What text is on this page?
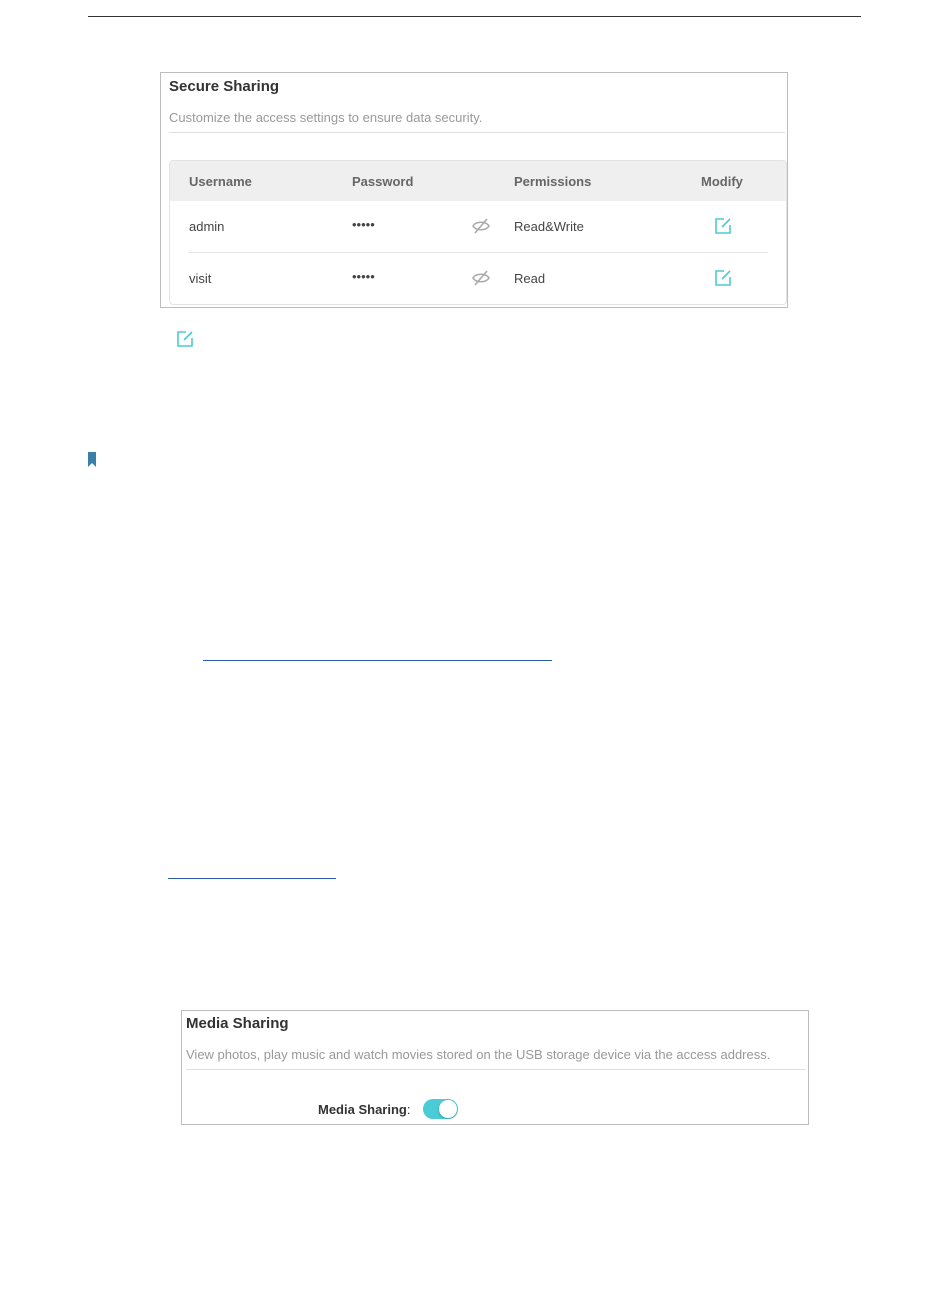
Secure Sharing
Customize the access settings to ensure data security.
Username	Password	Permissions	Modify
admin	•••••	Read&Write
visit	•••••	Read
Media Sharing
View photos, play music and watch movies stored on the USB storage device via the access address.
Media Sharing:
